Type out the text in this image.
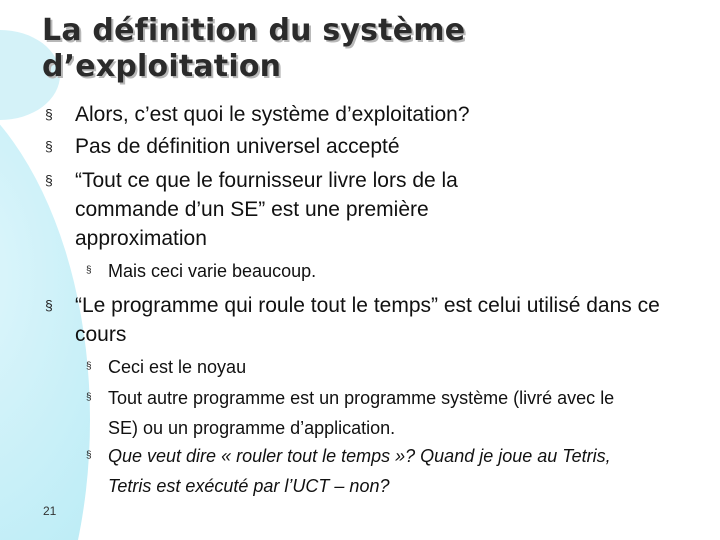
La définition du système
d’exploitation
§ Alors, c’est quoi le système d’exploitation?
§ Pas de définition universel accepté
§ “Tout ce que le fournisseur livre lors de la commande d’un SE” est une première approximation
§ Mais ceci varie beaucoup.
§ “Le programme qui roule tout le temps” est celui utilisé dans ce cours
§ Ceci est le noyau
§ Tout autre programme est un programme système (livré avec le SE) ou un programme d’application.
§ Que veut dire « rouler tout le temps »? Quand je joue au Tetris, Tetris est exécuté par l’UCT – non?
21
